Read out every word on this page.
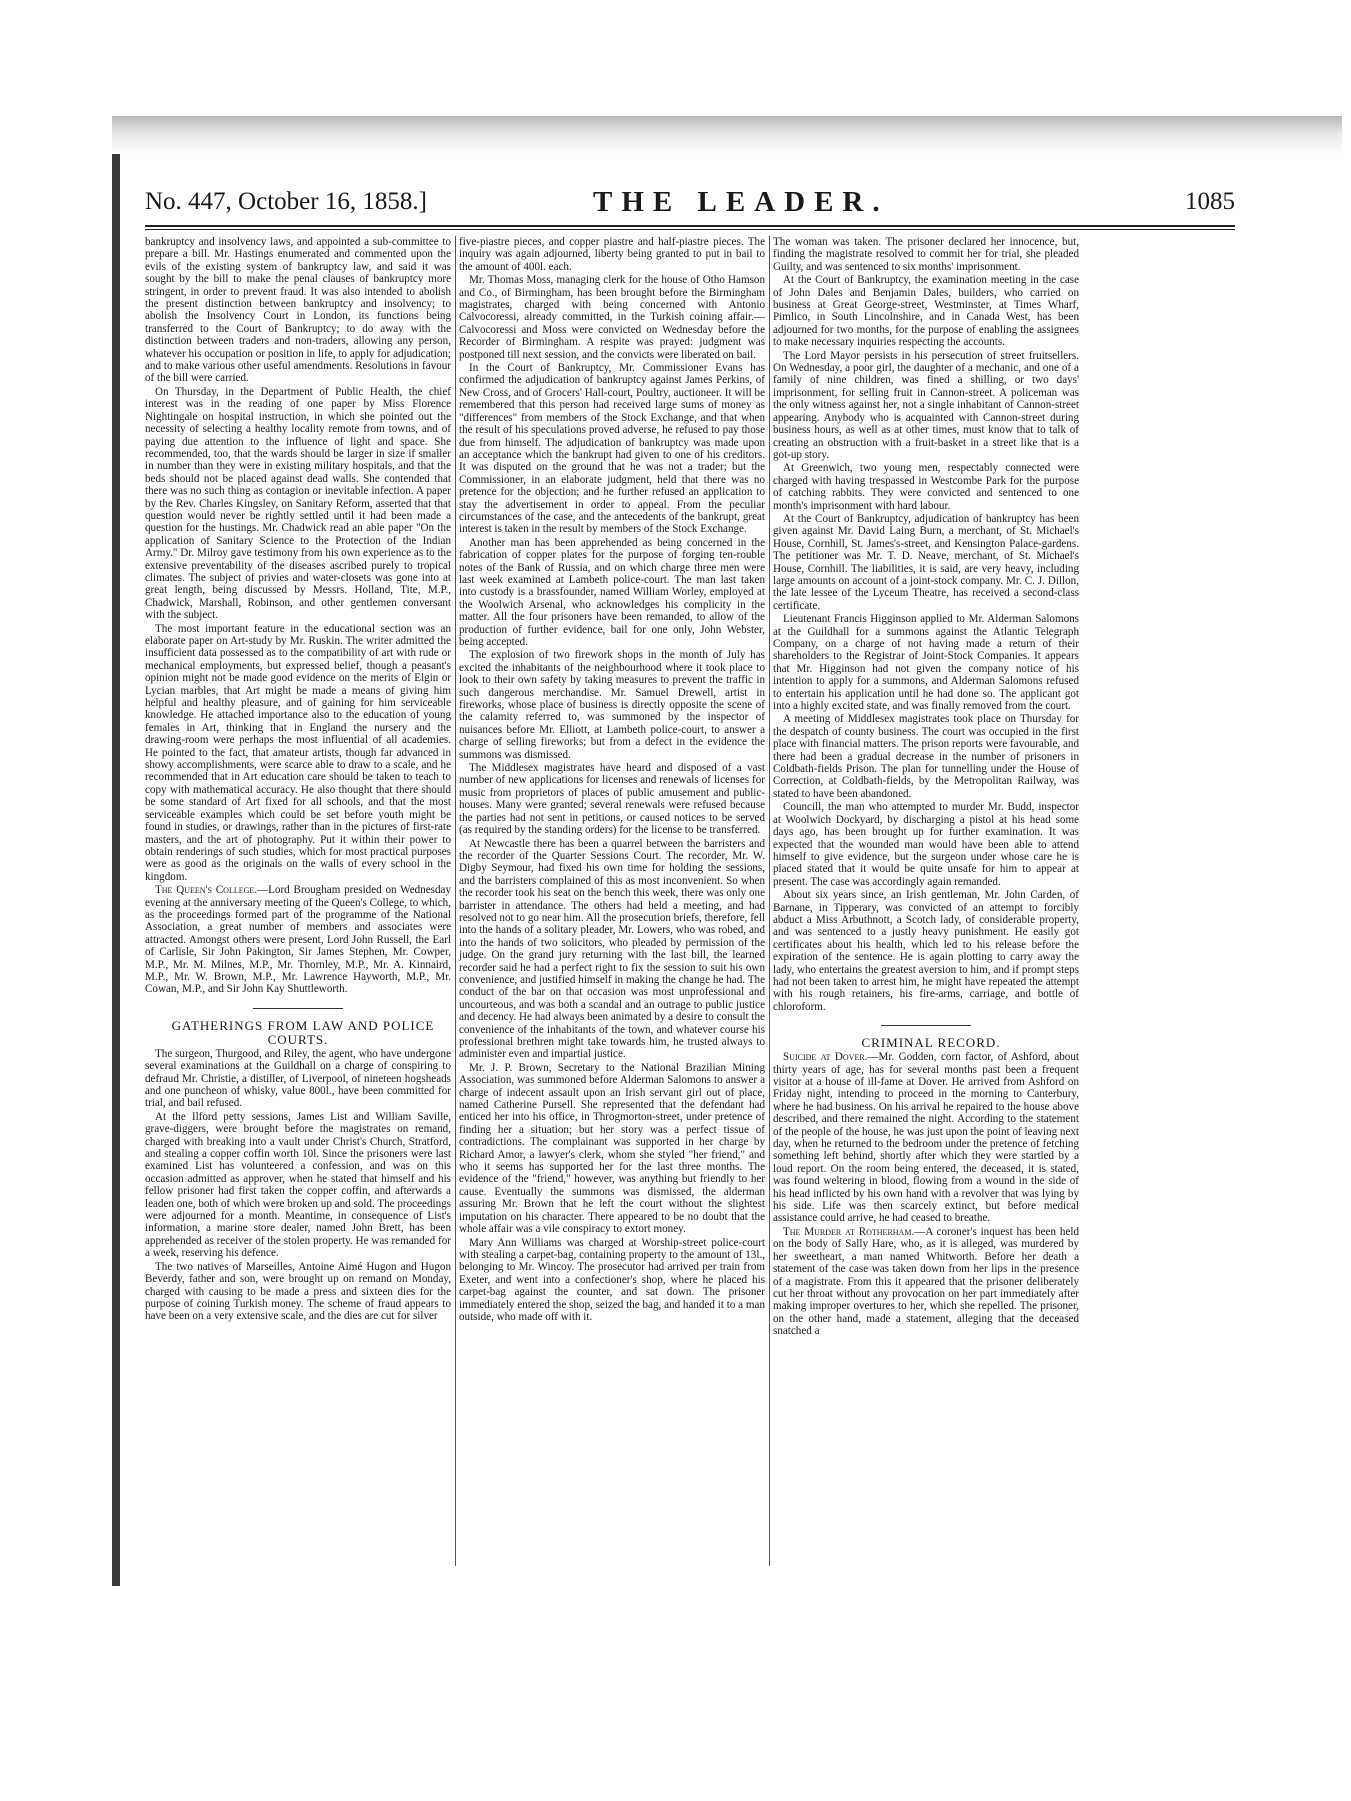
No. 447, October 16, 1858.]	THE LEADER.	1085

bankruptcy and insolvency laws, and appointed a sub-committee to prepare a bill. Mr. Hastings enumerated and commented upon the evils of the existing system of bankruptcy law, and said it was sought by the bill to make the penal clauses of bankruptcy more stringent, in order to prevent fraud. It was also intended to abolish the present distinction between bankruptcy and insolvency; to abolish the Insolvency Court in London, its functions being transferred to the Court of Bankruptcy; to do away with the distinction between traders and non-traders, allowing any person, whatever his occupation or position in life, to apply for adjudication; and to make various other useful amendments. Resolutions in favour of the bill were carried.

On Thursday, in the Department of Public Health, the chief interest was in the reading of one paper by Miss Florence Nightingale on hospital instruction, in which she pointed out the necessity of selecting a healthy locality remote from towns, and of paying due attention to the influence of light and space. She recommended, too, that the wards should be larger in size if smaller in number than they were in existing military hospitals, and that the beds should not be placed against dead walls. She contended that there was no such thing as contagion or inevitable infection. A paper by the Rev. Charles Kingsley, on Sanitary Reform, asserted that that question would never be rightly settled until it had been made a question for the hustings. Mr. Chadwick read an able paper "On the application of Sanitary Science to the Protection of the Indian Army." Dr. Milroy gave testimony from his own experience as to the extensive preventability of the diseases ascribed purely to tropical climates. The subject of privies and water-closets was gone into at great length, being discussed by Messrs. Holland, Tite, M.P., Chadwick, Marshall, Robinson, and other gentlemen conversant with the subject.

The most important feature in the educational section was an elaborate paper on Art-study by Mr. Ruskin. The writer admitted the insufficient data possessed as to the compatibility of art with rude or mechanical employments, but expressed belief, though a peasant's opinion might not be made good evidence on the merits of Elgin or Lycian marbles, that Art might be made a means of giving him helpful and healthy pleasure, and of gaining for him serviceable knowledge. He attached importance also to the education of young females in Art, thinking that in England the nursery and the drawing-room were perhaps the most influential of all academies. He pointed to the fact, that amateur artists, though far advanced in showy accomplishments, were scarce able to draw to a scale, and he recommended that in Art education care should be taken to teach to copy with mathematical accuracy. He also thought that there should be some standard of Art fixed for all schools, and that the most serviceable examples which could be set before youth might be found in studies, or drawings, rather than in the pictures of first-rate masters, and the art of photography. Put it within their power to obtain renderings of such studies, which for most practical purposes were as good as the originals on the walls of every school in the kingdom.

The Queen's College.—Lord Brougham presided on Wednesday evening at the anniversary meeting of the Queen's College, to which, as the proceedings formed part of the programme of the National Association, a great number of members and associates were attracted. Amongst others were present, Lord John Russell, the Earl of Carlisle, Sir John Pakington, Sir James Stephen, Mr. Cowper, M.P., Mr. M. Milnes, M.P., Mr. Thornley, M.P., Mr. A. Kinnaird, M.P., Mr. W. Brown, M.P., Mr. Lawrence Hayworth, M.P., Mr. Cowan, M.P., and Sir John Kay Shuttleworth.

GATHERINGS FROM LAW AND POLICE COURTS.

The surgeon, Thurgood, and Riley, the agent, who have undergone several examinations at the Guildhall on a charge of conspiring to defraud Mr. Christie, a distiller, of Liverpool, of nineteen hogsheads and one puncheon of whisky, value 800l., have been committed for trial, and bail refused.

At the Ilford petty sessions, James List and William Saville, grave-diggers, were brought before the magistrates on remand, charged with breaking into a vault under Christ's Church, Stratford, and stealing a copper coffin worth 10l. Since the prisoners were last examined List has volunteered a confession, and was on this occasion admitted as approver, when he stated that himself and his fellow prisoner had first taken the copper coffin, and afterwards a leaden one, both of which were broken up and sold. The proceedings were adjourned for a month. Meantime, in consequence of List's information, a marine store dealer, named John Brett, has been apprehended as receiver of the stolen property. He was remanded for a week, reserving his defence.

The two natives of Marseilles, Antoine Aimé Hugon and Hugon Beverdy, father and son, were brought up on remand on Monday, charged with causing to be made a press and sixteen dies for the purpose of coining Turkish money. The scheme of fraud appears to have been on a very extensive scale, and the dies are cut for silver

five-piastre pieces, and copper piastre and half-piastre pieces. The inquiry was again adjourned, liberty being granted to put in bail to the amount of 400l. each.

Mr. Thomas Moss, managing clerk for the house of Otho Hamson and Co., of Birmingham, has been brought before the Birmingham magistrates, charged with being concerned with Antonio Calvocoressi, already committed, in the Turkish coining affair.—Calvocoressi and Moss were convicted on Wednesday before the Recorder of Birmingham. A respite was prayed: judgment was postponed till next session, and the convicts were liberated on bail.

In the Court of Bankruptcy, Mr. Commissioner Evans has confirmed the adjudication of bankruptcy against James Perkins, of New Cross, and of Grocers' Hall-court, Poultry, auctioneer. It will be remembered that this person had received large sums of money as "differences" from members of the Stock Exchange, and that when the result of his speculations proved adverse, he refused to pay those due from himself. The adjudication of bankruptcy was made upon an acceptance which the bankrupt had given to one of his creditors. It was disputed on the ground that he was not a trader; but the Commissioner, in an elaborate judgment, held that there was no pretence for the objection; and he further refused an application to stay the advertisement in order to appeal. From the peculiar circumstances of the case, and the antecedents of the bankrupt, great interest is taken in the result by members of the Stock Exchange.

Another man has been apprehended as being concerned in the fabrication of copper plates for the purpose of forging ten-rouble notes of the Bank of Russia, and on which charge three men were last week examined at Lambeth police-court. The man last taken into custody is a brassfounder, named William Worley, employed at the Woolwich Arsenal, who acknowledges his complicity in the matter. All the four prisoners have been remanded, to allow of the production of further evidence, bail for one only, John Webster, being accepted.

The explosion of two firework shops in the month of July has excited the inhabitants of the neighbourhood where it took place to look to their own safety by taking measures to prevent the traffic in such dangerous merchandise. Mr. Samuel Drewell, artist in fireworks, whose place of business is directly opposite the scene of the calamity referred to, was summoned by the inspector of nuisances before Mr. Elliott, at Lambeth police-court, to answer a charge of selling fireworks; but from a defect in the evidence the summons was dismissed.

The Middlesex magistrates have heard and disposed of a vast number of new applications for licenses and renewals of licenses for music from proprietors of places of public amusement and public-houses. Many were granted; several renewals were refused because the parties had not sent in petitions, or caused notices to be served (as required by the standing orders) for the license to be transferred.

At Newcastle there has been a quarrel between the barristers and the recorder of the Quarter Sessions Court. The recorder, Mr. W. Digby Seymour, had fixed his own time for holding the sessions, and the barristers complained of this as most inconvenient. So when the recorder took his seat on the bench this week, there was only one barrister in attendance. The others had held a meeting, and had resolved not to go near him. All the prosecution briefs, therefore, fell into the hands of a solitary pleader, Mr. Lowers, who was robed, and into the hands of two solicitors, who pleaded by permission of the judge. On the grand jury returning with the last bill, the learned recorder said he had a perfect right to fix the session to suit his own convenience, and justified himself in making the change he had. The conduct of the bar on that occasion was most unprofessional and uncourteous, and was both a scandal and an outrage to public justice and decency. He had always been animated by a desire to consult the convenience of the inhabitants of the town, and whatever course his professional brethren might take towards him, he trusted always to administer even and impartial justice.

Mr. J. P. Brown, Secretary to the National Brazilian Mining Association, was summoned before Alderman Salomons to answer a charge of indecent assault upon an Irish servant girl out of place, named Catherine Pursell. She represented that the defendant had enticed her into his office, in Throgmorton-street, under pretence of finding her a situation; but her story was a perfect tissue of contradictions. The complainant was supported in her charge by Richard Amor, a lawyer's clerk, whom she styled "her friend," and who it seems has supported her for the last three months. The evidence of the "friend," however, was anything but friendly to her cause. Eventually the summons was dismissed, the alderman assuring Mr. Brown that he left the court without the slightest imputation on his character. There appeared to be no doubt that the whole affair was a vile conspiracy to extort money.

Mary Ann Williams was charged at Worship-street police-court with stealing a carpet-bag, containing property to the amount of 13l., belonging to Mr. Wincoy. The prosecutor had arrived per train from Exeter, and went into a confectioner's shop, where he placed his carpet-bag against the counter, and sat down. The prisoner immediately entered the shop, seized the bag, and handed it to a man outside, who made off with it.

The woman was taken. The prisoner declared her innocence, but, finding the magistrate resolved to commit her for trial, she pleaded Guilty, and was sentenced to six months' imprisonment.

At the Court of Bankruptcy, the examination meeting in the case of John Dales and Benjamin Dales, builders, who carried on business at Great George-street, Westminster, at Times Wharf, Pimlico, in South Lincolnshire, and in Canada West, has been adjourned for two months, for the purpose of enabling the assignees to make necessary inquiries respecting the accounts.

The Lord Mayor persists in his persecution of street fruitsellers. On Wednesday, a poor girl, the daughter of a mechanic, and one of a family of nine children, was fined a shilling, or two days' imprisonment, for selling fruit in Cannon-street. A policeman was the only witness against her, not a single inhabitant of Cannon-street appearing. Anybody who is acquainted with Cannon-street during business hours, as well as at other times, must know that to talk of creating an obstruction with a fruit-basket in a street like that is a got-up story.

At Greenwich, two young men, respectably connected were charged with having trespassed in Westcombe Park for the purpose of catching rabbits. They were convicted and sentenced to one month's imprisonment with hard labour.

At the Court of Bankruptcy, adjudication of bankruptcy has been given against Mr. David Laing Burn, a merchant, of St. Michael's House, Cornhill, St. James's-street, and Kensington Palace-gardens. The petitioner was Mr. T. D. Neave, merchant, of St. Michael's House, Cornhill. The liabilities, it is said, are very heavy, including large amounts on account of a joint-stock company. Mr. C. J. Dillon, the late lessee of the Lyceum Theatre, has received a second-class certificate.

Lieutenant Francis Higginson applied to Mr. Alderman Salomons at the Guildhall for a summons against the Atlantic Telegraph Company, on a charge of not having made a return of their shareholders to the Registrar of Joint-Stock Companies. It appears that Mr. Higginson had not given the company notice of his intention to apply for a summons, and Alderman Salomons refused to entertain his application until he had done so. The applicant got into a highly excited state, and was finally removed from the court.

A meeting of Middlesex magistrates took place on Thursday for the despatch of county business. The court was occupied in the first place with financial matters. The prison reports were favourable, and there had been a gradual decrease in the number of prisoners in Coldbath-fields Prison. The plan for tunnelling under the House of Correction, at Coldbath-fields, by the Metropolitan Railway, was stated to have been abandoned.

Councill, the man who attempted to murder Mr. Budd, inspector at Woolwich Dockyard, by discharging a pistol at his head some days ago, has been brought up for further examination. It was expected that the wounded man would have been able to attend himself to give evidence, but the surgeon under whose care he is placed stated that it would be quite unsafe for him to appear at present. The case was accordingly again remanded.

About six years since, an Irish gentleman, Mr. John Carden, of Barnane, in Tipperary, was convicted of an attempt to forcibly abduct a Miss Arbuthnott, a Scotch lady, of considerable property, and was sentenced to a justly heavy punishment. He easily got certificates about his health, which led to his release before the expiration of the sentence. He is again plotting to carry away the lady, who entertains the greatest aversion to him, and if prompt steps had not been taken to arrest him, he might have repeated the attempt with his rough retainers, his fire-arms, carriage, and bottle of chloroform.

CRIMINAL RECORD.

Suicide at Dover.—Mr. Godden, corn factor, of Ashford, about thirty years of age, has for several months past been a frequent visitor at a house of ill-fame at Dover. He arrived from Ashford on Friday night, intending to proceed in the morning to Canterbury, where he had business. On his arrival he repaired to the house above described, and there remained the night. According to the statement of the people of the house, he was just upon the point of leaving next day, when he returned to the bedroom under the pretence of fetching something left behind, shortly after which they were startled by a loud report. On the room being entered, the deceased, it is stated, was found weltering in blood, flowing from a wound in the side of his head inflicted by his own hand with a revolver that was lying by his side. Life was then scarcely extinct, but before medical assistance could arrive, he had ceased to breathe.

The Murder at Rotherham.—A coroner's inquest has been held on the body of Sally Hare, who, as it is alleged, was murdered by her sweetheart, a man named Whitworth. Before her death a statement of the case was taken down from her lips in the presence of a magistrate. From this it appeared that the prisoner deliberately cut her throat without any provocation on her part immediately after making improper overtures to her, which she repelled. The prisoner, on the other hand, made a statement, alleging that the deceased snatched a
